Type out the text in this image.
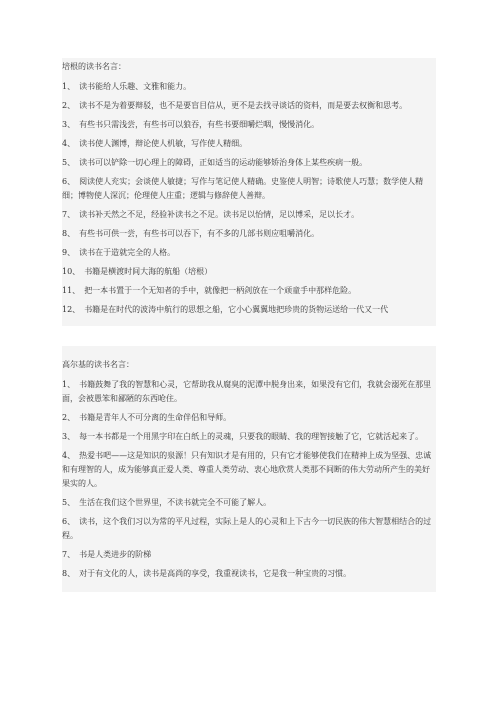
培根的读书名言：
1、 读书能给人乐趣、文雅和能力。
2、 读书不是为着要辩驳，也不是要盲目信从，更不是去找寻谈话的资料，而是要去权衡和思考。
3、 有些书只需浅尝，有些书可以狼吞，有些书要细嚼烂咽，慢慢消化。
4、 读书使人渊博，辩论使人机敏，写作使人精细。
5、 读书可以铲除一切心理上的障碍，正如适当的运动能够矫治身体上某些疾病一般。
6、 阅读使人充实；会谈使人敏捷；写作与笔记使人精确。史鉴使人明智；诗歌使人巧慧；数学使人精细；博物使人深沉；伦理使人庄重；逻辑与修辞使人善辩。
7、 读书补天然之不足，经验补读书之不足。读书足以怡情，足以博采，足以长才。
8、 有些书可供一尝，有些书可以吞下，有不多的几部书则应咀嚼消化。
9、 读书在于造就完全的人格。
10、 书籍是横渡时间大海的航船（培根）
11、 把一本书置于一个无知者的手中，就像把一柄剑放在一个顽童手中那样危险。
12、 书籍是在时代的波涛中航行的思想之船，它小心翼翼地把珍贵的货物运送给一代又一代
高尔基的读书名言：
1、 书籍鼓舞了我的智慧和心灵，它帮助我从腐臭的泥潭中脱身出来，如果没有它们，我就会溺死在那里面，会被愚笨和鄙陋的东西呛住。
2、 书籍是青年人不可分离的生命伴侣和导师。
3、 每一本书都是一个用黑字印在白纸上的灵魂，只要我的眼睛、我的理智接触了它，它就活起来了。
4、 热爱书吧——这是知识的泉源！只有知识才是有用的，只有它才能够使我们在精神上成为坚强、忠诚和有理智的人，成为能够真正爱人类、尊重人类劳动、衷心地欣赏人类那不间断的伟大劳动所产生的美好果实的人。
5、 生活在我们这个世界里，不读书就完全不可能了解人。
6、 读书，这个我们习以为常的平凡过程，实际上是人的心灵和上下古今一切民族的伟大智慧相结合的过程。
7、 书是人类进步的阶梯
8、 对于有文化的人，读书是高尚的享受，我重视读书，它是我一种宝贵的习惯。
